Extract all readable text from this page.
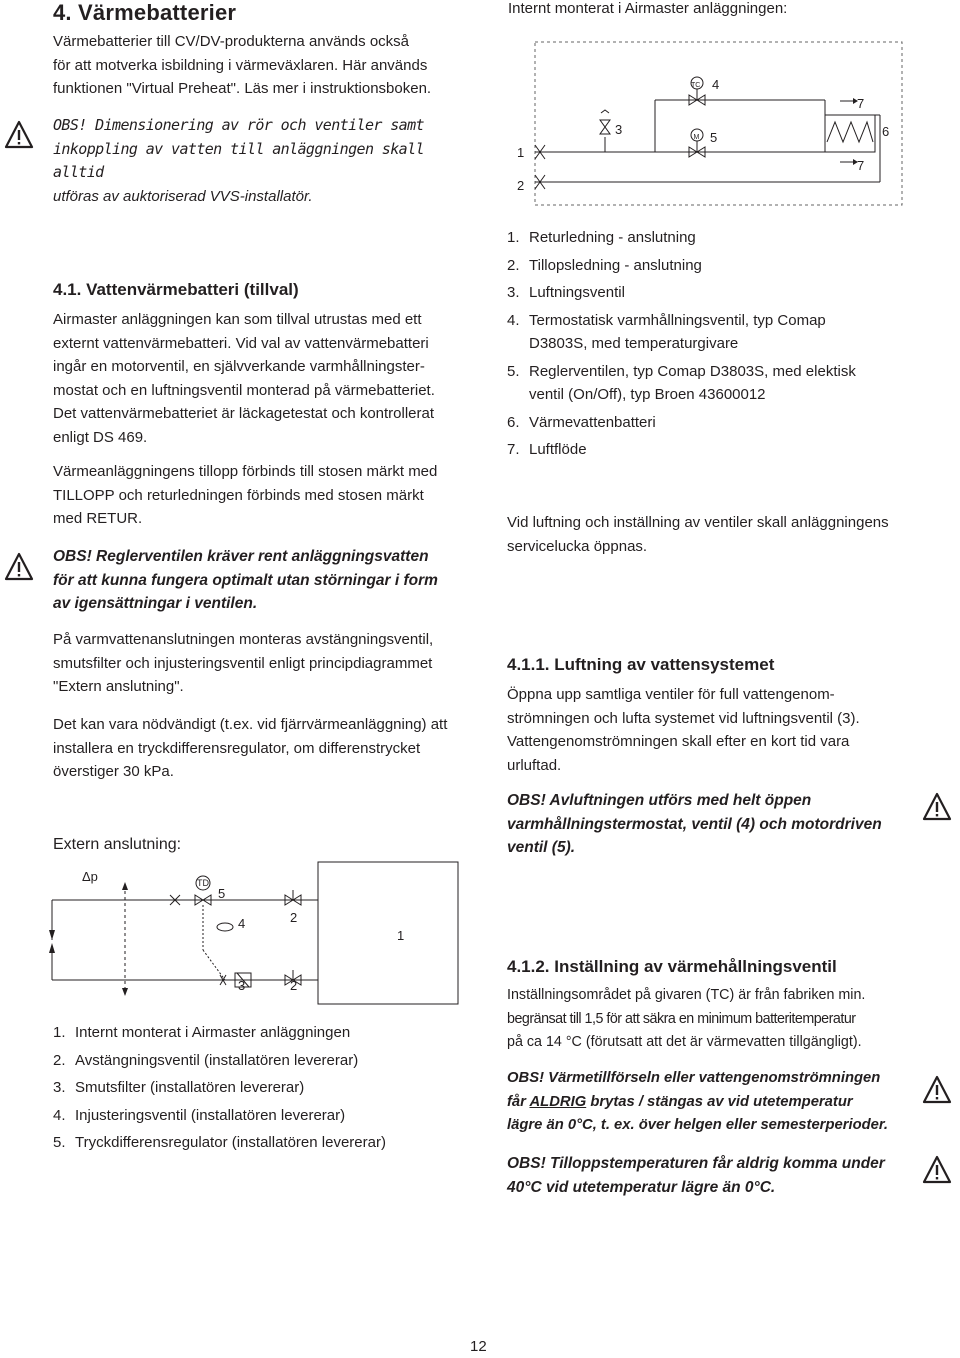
4. Värmebatterier
Värmebatterier till CV/DV-produkterna används också
för att motverka isbildning i värmeväxlaren. Här används
funktionen "Virtual Preheat". Läs mer i instruktionsboken.
OBS! Dimensionering av rör och ventiler samt
inkoppling av vatten till anläggningen skall alltid
utföras av auktoriserad VVS-installatör.
Internt monterat i Airmaster anläggningen:
1
2
3
4
TC
M 5	6
7
7
1. Returledning - anslutning
2. Tillopsledning - anslutning
3. Luftningsventil
4. Termostatisk varmhållningsventil, typ Comap
D3803S, med temperaturgivare
5. Reglerventilen, typ Comap D3803S, med elektisk
ventil (On/Off), typ Broen 43600012
6. Värmevattenbatteri
7. Luftflöde
Vid luftning och inställning av ventiler skall anläggningens
servicelucka öppnas.
4.1. Vattenvärmebatteri (tillval)
Airmaster anläggningen kan som tillval utrustas med ett
externt vattenvärmebatteri. Vid val av vattenvärmebatteri
ingår en motorventil, en självverkande varmhållningster-
mostat och en luftningsventil monterad på värmebatteriet.
Det vattenvärmebatteriet är läckagetestat och kontrollerat
enligt DS 469.
Värmeanläggningens tillopp förbinds till stosen märkt med
TILLOPP och returledningen förbinds med stosen märkt
med RETUR.
OBS! Reglerventilen kräver rent anläggningsvatten
för att kunna fungera optimalt utan störningar i form
av igensättningar i ventilen.
På varmvattenanslutningen monteras avstängningsventil,
smutsfilter och injusteringsventil enligt principdiagrammet
"Extern anslutning".
Det kan vara nödvändigt (t.ex. vid fjärrvärmeanläggning) att
installera en tryckdifferensregulator, om differenstrycket
överstiger 30 kPa.
Extern anslutning:
Δp	TD
5
4	2
1
3	2
1. Internt monterat i Airmaster anläggningen
2. Avstängningsventil (installatören levererar)
3. Smutsfilter (installatören levererar)
4. Injusteringsventil (installatören levererar)
5. Tryckdifferensregulator (installatören levererar)
4.1.1. Luftning av vattensystemet
Öppna upp samtliga ventiler för full vattengenom-
strömningen och lufta systemet vid luftningsventil (3).
Vattengenomströmningen skall efter en kort tid vara
urluftad.
OBS! Avluftningen utförs med helt öppen
varmhållningstermostat, ventil (4) och motordriven
ventil (5).
4.1.2. Inställning av värmehållningsventil
Inställningsområdet på givaren (TC) är från fabriken min.
begränsat till 1,5 för att säkra en minimum batteritemperatur
på ca 14 °C (förutsatt att det är värmevatten tillgängligt).
OBS! Värmetillförseln eller vattengenomströmningen
får ALDRIG brytas / stängas av vid utetemperatur
lägre än 0°C, t. ex. över helgen eller semesterperioder.
OBS! Tilloppstemperaturen får aldrig komma under
40°C vid utetemperatur lägre än 0°C.
12
